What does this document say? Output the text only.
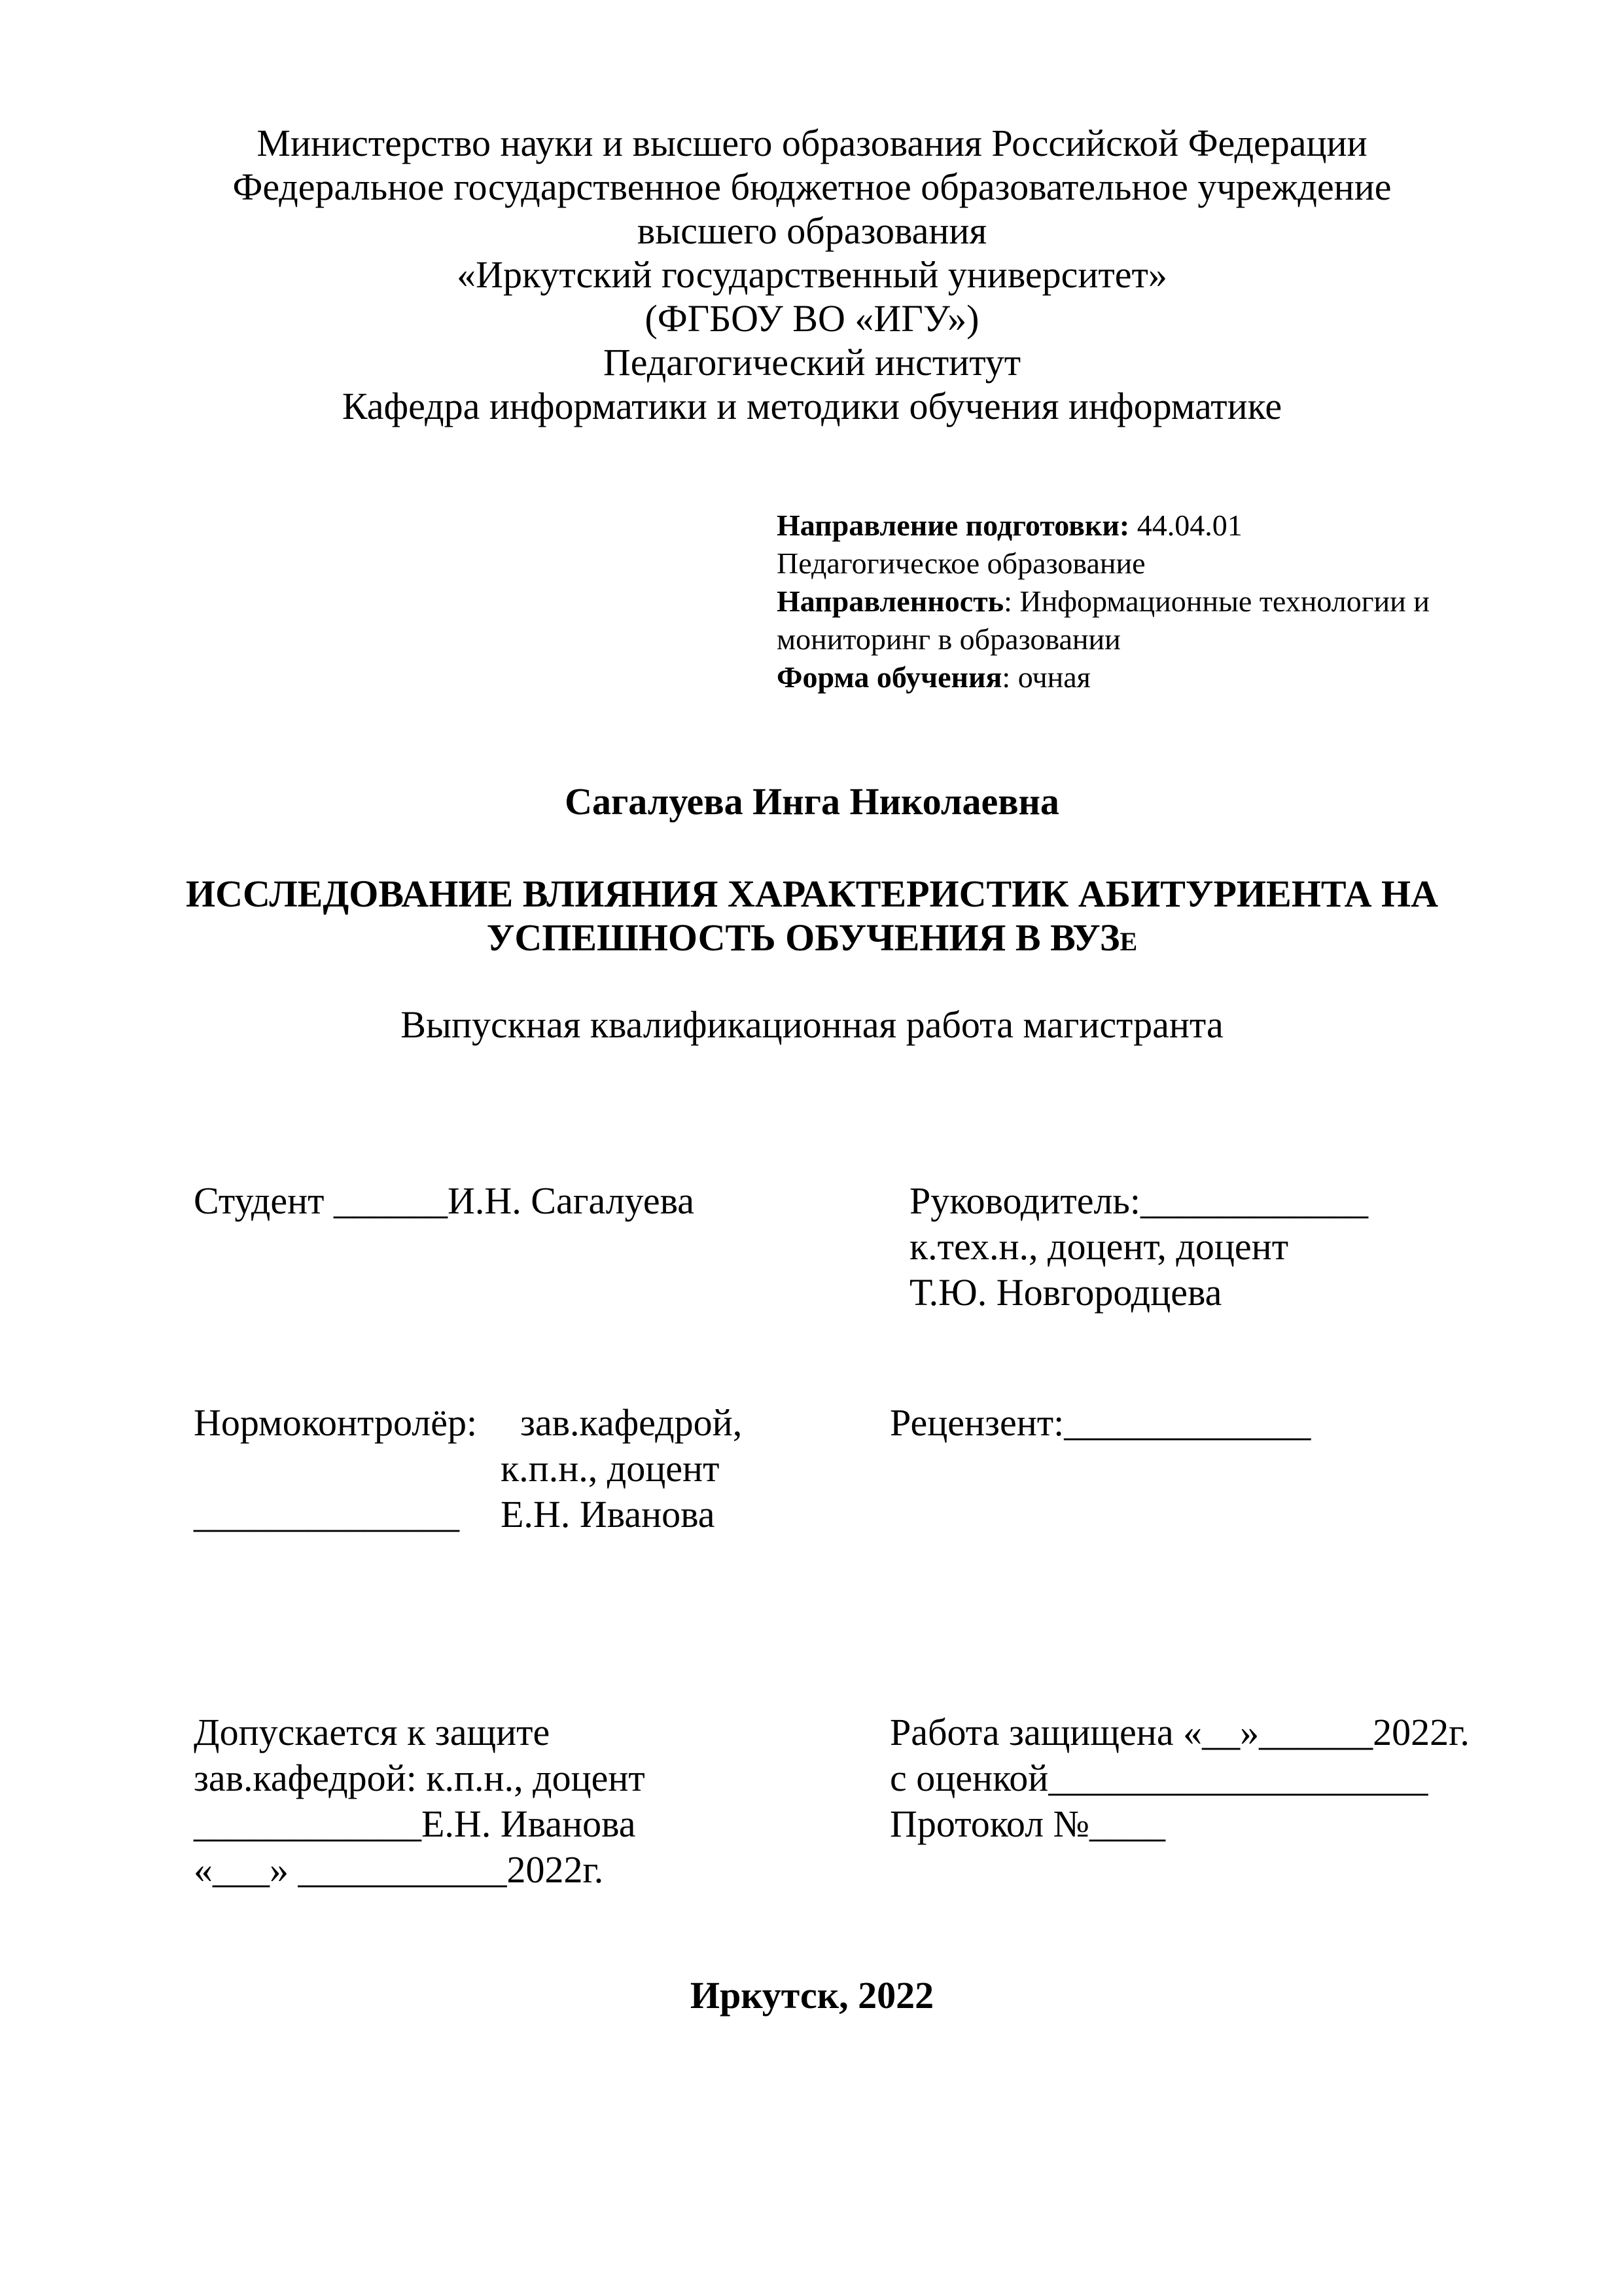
Министерство науки и высшего образования Российской Федерации
Федеральное государственное бюджетное образовательное учреждение
высшего образования
«Иркутский государственный университет»
(ФГБОУ ВО «ИГУ»)
Педагогический институт
Кафедра информатики и методики обучения информатике
Направление подготовки: 44.04.01
Педагогическое образование
Направленность: Информационные технологии и
мониторинг в образовании
Форма обучения: очная
Сагалуева Инга Николаевна
ИССЛЕДОВАНИЕ ВЛИЯНИЯ ХАРАКТЕРИСТИК АБИТУРИЕНТА НА
УСПЕШНОСТЬ ОБУЧЕНИЯ В ВУЗЕ
Выпускная квалификационная работа магистранта
Студент ______И.Н. Сагалуева	Руководитель:____________
к.тех.н., доцент, доцент
Т.Ю. Новгородцева
Нормоконтролёр: зав.кафедрой,
к.п.н., доцент
______________ Е.Н. Иванова
Рецензент:_____________
Допускается к защите
зав.кафедрой: к.п.н., доцент
____________Е.Н. Иванова
«___» ___________2022г.
Работа защищена «__»______2022г.
с оценкой____________________
Протокол №____
Иркутск, 2022
